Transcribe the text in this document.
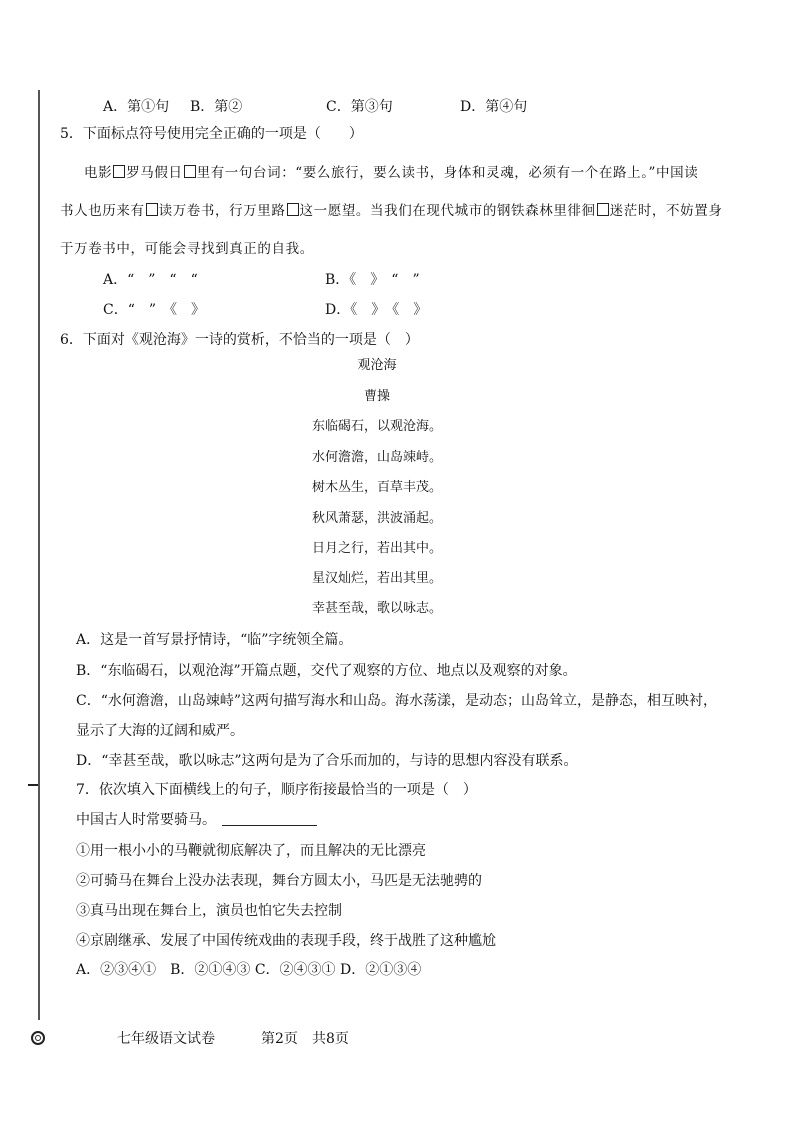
A．第①句 B．第②	C．第③句	D．第④句
5．下面标点符号使用完全正确的一项是（　　）
电影 罗马假日 里有一句台词：“要么旅行，要么读书，身体和灵魂，必须有一个在路上。”中国读
书人也历来有 读万卷书，行万里路 这一愿望。当我们在现代城市的钢铁森林里徘徊 迷茫时，不妨置身
于万卷书中，可能会寻找到真正的自我。
A．“　”　“　“	B．《　》　“　”
C．“　”　《　》	D．《　》　《　》
6．下面对《观沧海》一诗的赏析，不恰当的一项是（　）
观沧海
曹操
东临碣石，以观沧海。
水何澹澹，山岛竦峙。
树木丛生，百草丰茂。
秋风萧瑟，洪波涌起。
日月之行，若出其中。
星汉灿烂，若出其里。
幸甚至哉，歌以咏志。
A．这是一首写景抒情诗，“临”字统领全篇。
B．“东临碣石，以观沧海”开篇点题，交代了观察的方位、地点以及观察的对象。
C．“水何澹澹，山岛竦峙”这两句描写海水和山岛。海水荡漾，是动态；山岛耸立，是静态，相互映衬，
显示了大海的辽阔和威严。
D．“幸甚至哉，歌以咏志”这两句是为了合乐而加的，与诗的思想内容没有联系。
7．依次填入下面横线上的句子，顺序衔接最恰当的一项是（　）
中国古人时常要骑马。
①用一根小小的马鞭就彻底解决了，而且解决的无比漂亮
②可骑马在舞台上没办法表现，舞台方圆太小，马匹是无法驰骋的
③真马出现在舞台上，演员也怕它失去控制
④京剧继承、发展了中国传统戏曲的表现手段，终于战胜了这种尴尬
A．②③④①　B．②①④③ C．②④③① D．②①③④
七年级语文试卷	第2页 共8页
